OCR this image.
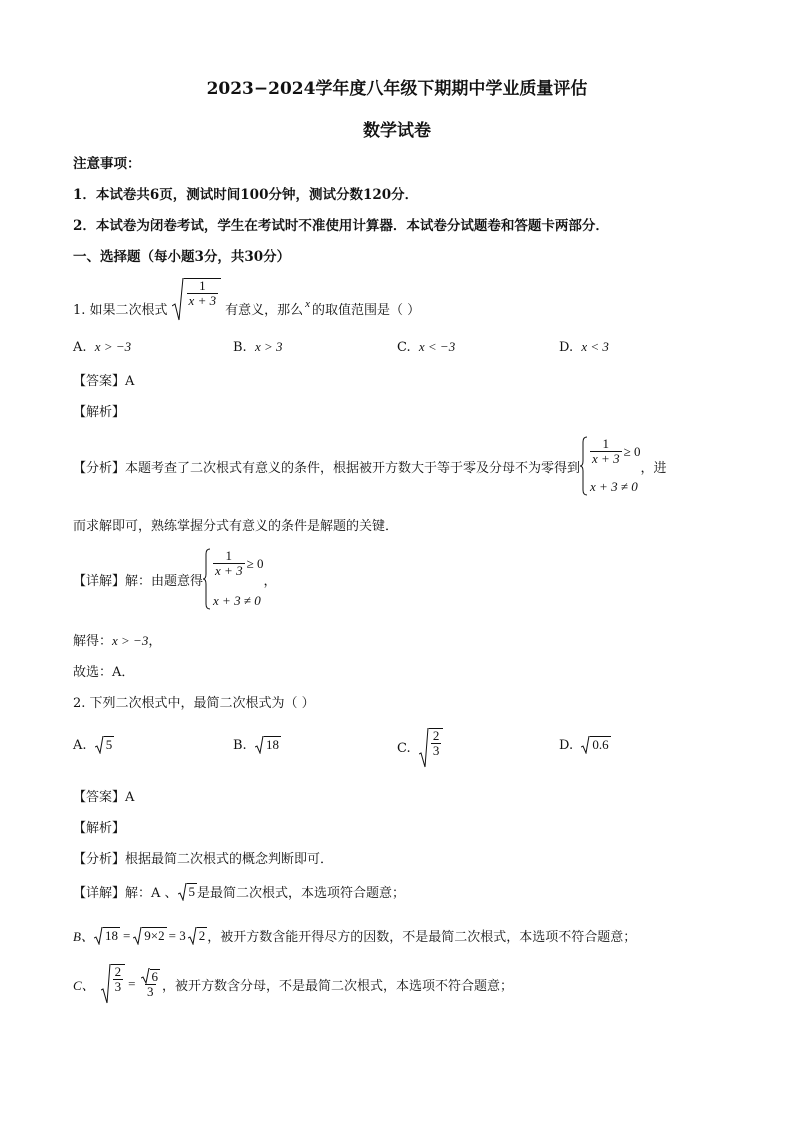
2023−2024学年度八年级下期期中学业质量评估
数学试卷
注意事项：
1．本试卷共6页，测试时间100分钟，测试分数120分．
2．本试卷为闭卷考试，学生在考试时不准使用计算器．本试卷分试题卷和答题卡两部分．
一、选择题（每小题3分，共30分）
1. 如果二次根式 $\frac{1}{x + 3}$ 有意义，那么 x 的取值范围是（ ）
A. x > −3	B. x > 3	C. x < −3	D. x < 3
【答案】A
【解析】
【分析】 本题考查了二次根式有意义的条件，根据被开方数大于等于零及分母不为零得到
$\frac{1}{x + 3} \ge 0$
x + 3 ≠ 0
，进
而求解即可，熟练掌握分式有意义的条件是解题的关键．
【详解】 解：由题意得
$\frac{1}{x + 3} \ge 0$
x + 3 ≠ 0
，
解得：x > −3，
故选：A．
2. 下列二次根式中，最简二次根式为（ ）
A.
5	B.
18	C.
$\frac{2}{3}$	D.
0.6
【答案】A
【解析】
【分析】根据最简二次根式的概念判断即可．
【详解】 解：A 、 5 是最简二次根式，本选项符合题意；
B、 18 = 9×2 = 3 2 ，被开方数含能开得尽方的因数，不是最简二次根式，本选项不符合题意；
C、 $\frac{2}{3} = \frac{6}{3}$ ，被开方数含分母，不是最简二次根式，本选项不符合题意；
